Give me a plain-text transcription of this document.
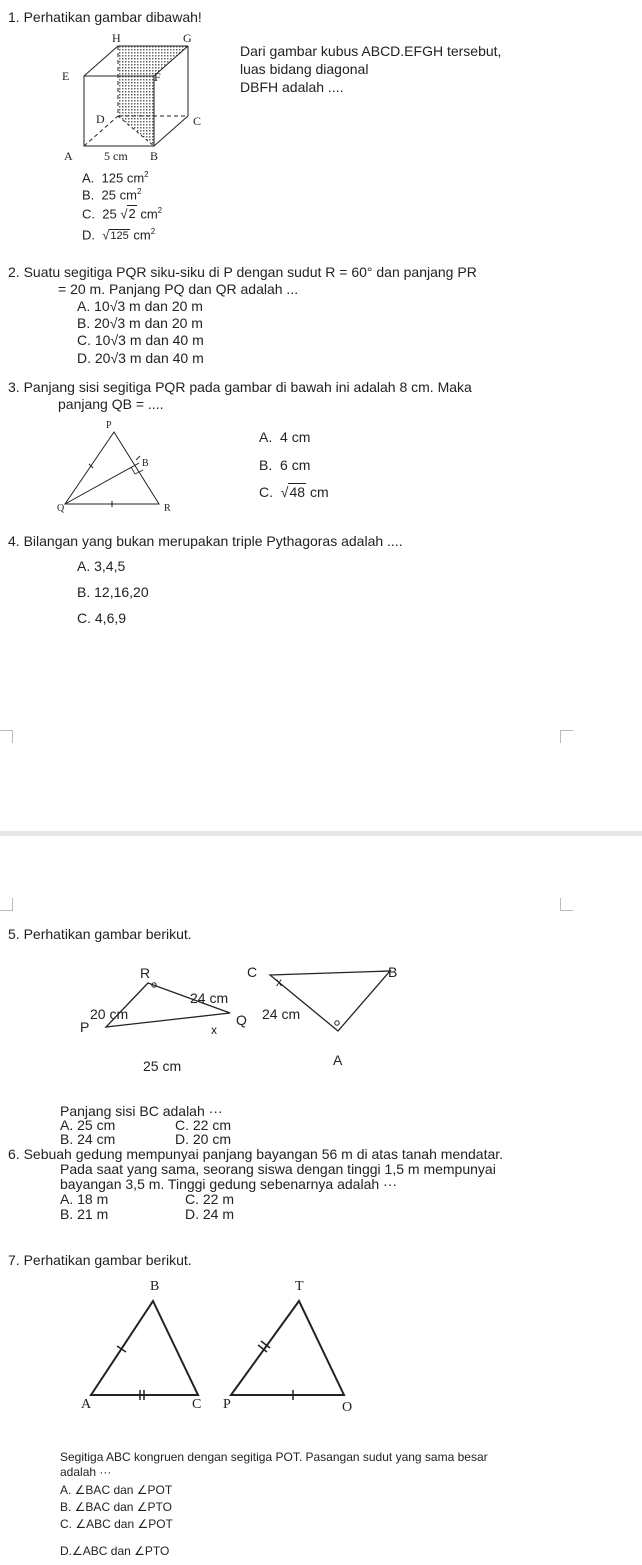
1. Perhatikan gambar dibawah!
H	G
E	F
D	C
A	5 cm B
Dari gambar kubus ABCD.EFGH tersebut,
luas bidang diagonal
DBFH adalah ....
A. 125 $cm^2$
B. 25 $cm^2$
C. 25 √2 $cm^2$
D.  √125 $cm^2$
2. Suatu segitiga PQR siku-siku di P dengan sudut R = 60° dan panjang PR
= 20 m. Panjang PQ dan QR adalah ...
A. 10√3 m dan 20 m
B. 20√3 m dan 20 m
C. 10√3 m dan 40 m
D. 20√3 m dan 40 m
3. Panjang sisi segitiga PQR pada gambar di bawah ini adalah 8 cm. Maka
panjang QB = ....
P
B
Q	R
A. 4 cm
B. 6 cm
C.  √48 cm
4. Bilangan yang bukan merupakan triple Pythagoras adalah ....
A. 3,4,5
B. 12,16,20
C. 4,6,9
5. Perhatikan gambar berikut.
R
24 cm
20 cm
x
P	Q
25 cm
C
x
B
24 cm
A
Panjang sisi BC adalah ···
A. 25 cm	C. 22 cm
B. 24 cm	D. 20 cm
6. Sebuah gedung mempunyai panjang bayangan 56 m di atas tanah mendatar.
Pada saat yang sama, seorang siswa dengan tinggi 1,5 m mempunyai
bayangan 3,5 m. Tinggi gedung sebenarnya adalah ···
A. 18 m	C. 22 m
B. 21 m	D. 24 m
7. Perhatikan gambar berikut.
B
A	C
T
P	O
Segitiga ABC kongruen dengan segitiga POT. Pasangan sudut yang sama besar
adalah ···
A. ∠BAC dan ∠POT
B. ∠BAC dan ∠PTO
C. ∠ABC dan ∠POT
D.∠ABC dan ∠PTO
